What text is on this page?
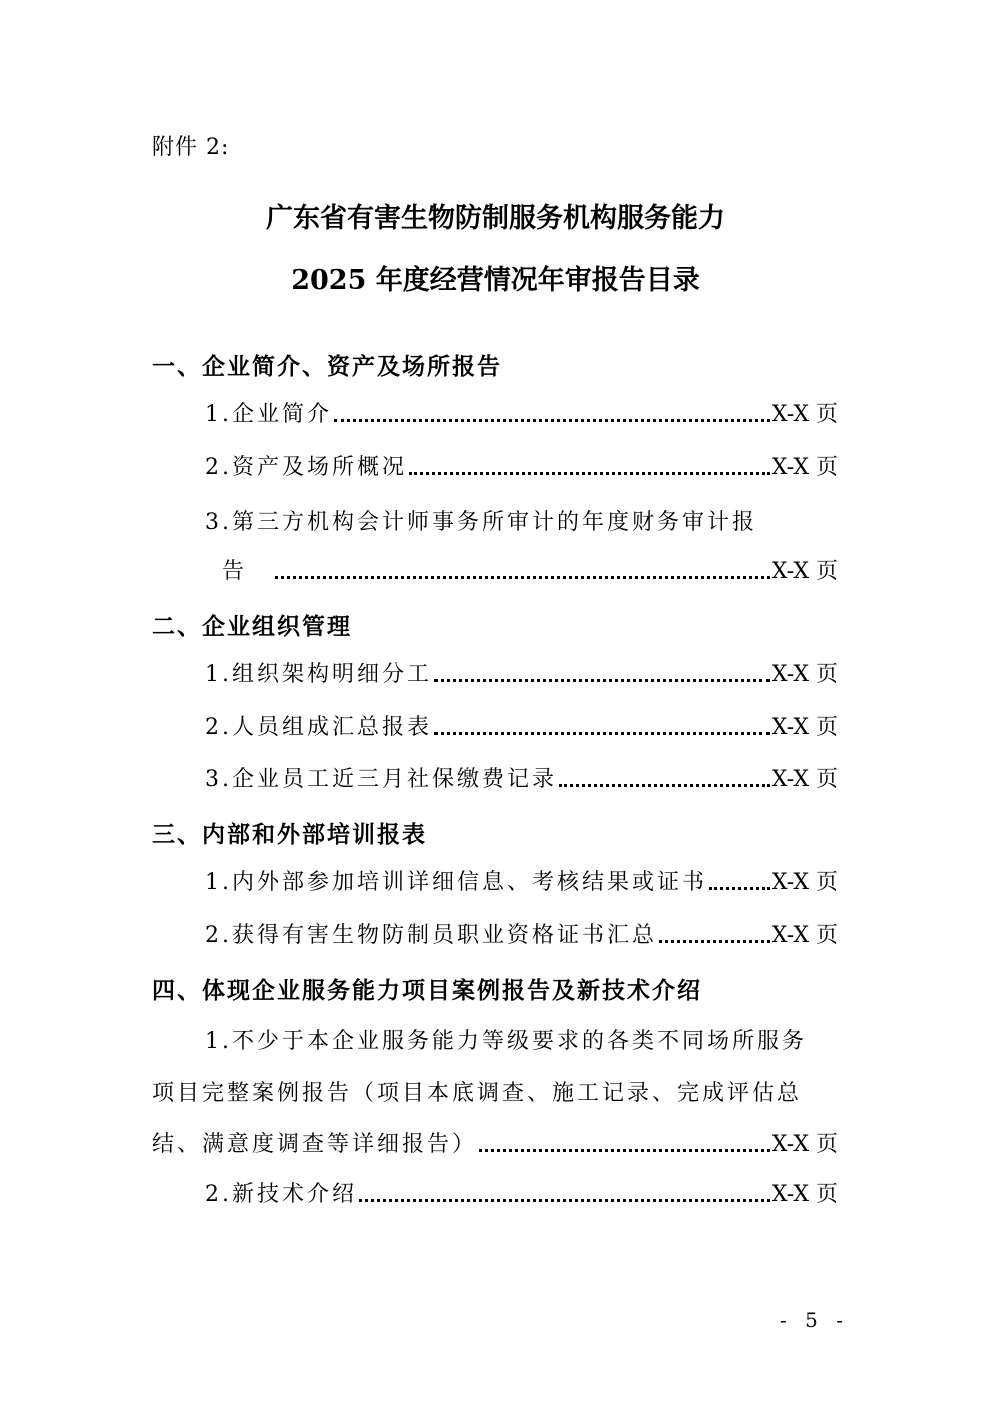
附件 2:
广东省有害生物防制服务机构服务能力
2025 年度经营情况年审报告目录
一、企业简介、资产及场所报告
1.企业简介	X-X 页
2.资产及场所概况	X-X 页
3.第三方机构会计师事务所审计的年度财务审计报
告	X-X 页
二、企业组织管理
1.组织架构明细分工	X-X 页
2.人员组成汇总报表	X-X 页
3.企业员工近三月社保缴费记录	X-X 页
三、内部和外部培训报表
1.内外部参加培训详细信息、考核结果或证书	X-X 页
2.获得有害生物防制员职业资格证书汇总	X-X 页
四、体现企业服务能力项目案例报告及新技术介绍
1.不少于本企业服务能力等级要求的各类不同场所服务
项目完整案例报告（项目本底调查、施工记录、完成评估总
结、满意度调查等详细报告）	X-X 页
2.新技术介绍	X-X 页
- 5 -
